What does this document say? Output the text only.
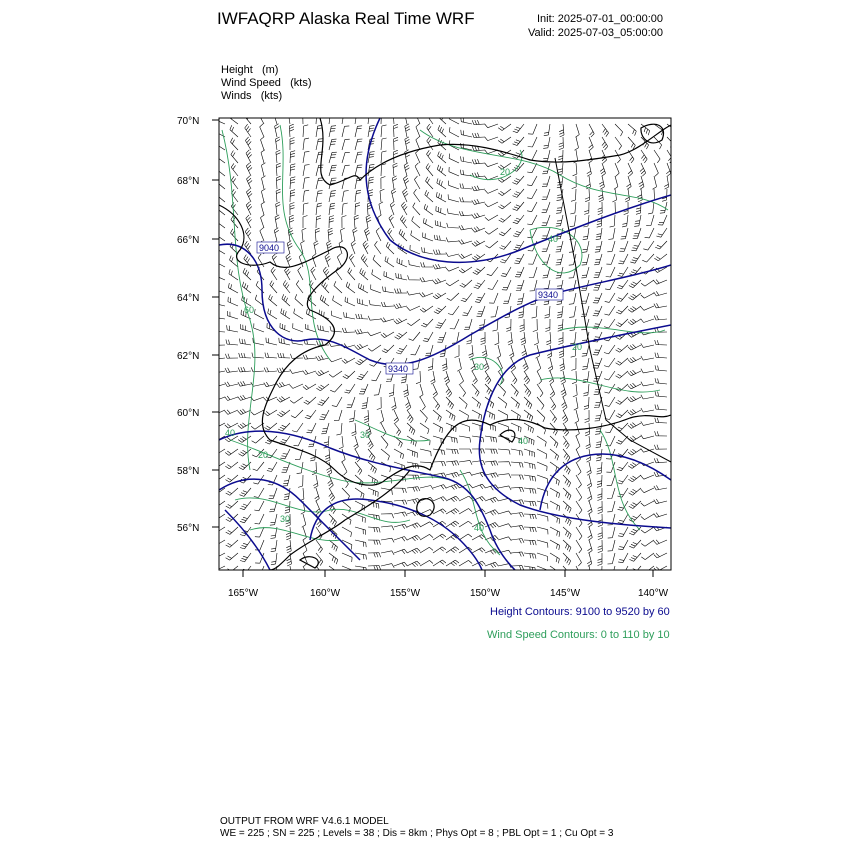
IWFAQRP Alaska Real Time WRF	Init: 2025-07-01_00:00:00
Valid: 2025-07-03_05:00:00
Height (m)
Wind Speed (kts)
Winds (kts)
70°N
68°N
66°N
64°N
62°N
60°N
58°N
56°N
165°W	160°W	155°W	150°W	145°W	140°W
9040
9340
9340
20
40
60
20
30
40	30
20
40
30
40
Height Contours: 9100 to 9520 by 60
Wind Speed Contours: 0 to 110 by 10
OUTPUT FROM WRF V4.6.1 MODEL
WE = 225 ; SN = 225 ; Levels = 38 ; Dis = 8km ; Phys Opt = 8 ; PBL Opt = 1 ; Cu Opt = 3
